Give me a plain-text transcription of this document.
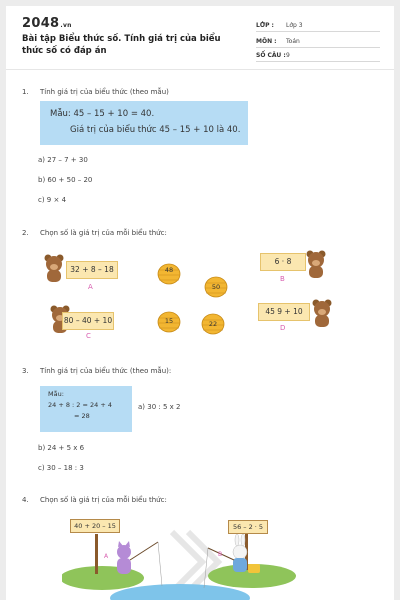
2048.vn
Bài tập Biểu thức số. Tính giá trị của biểu thức số có đáp án
LỚP : Lớp 3
MÔN : Toán
SỐ CÂU : 9
1. Tính giá trị của biểu thức (theo mẫu)
Mẫu: 45 – 15 + 10 = 40.
Giá trị của biểu thức 45 – 15 + 10 là 40.
a) 27 – 7 + 30
b) 60 + 50 – 20
c) 9 × 4
2. Chọn số là giá trị của mỗi biểu thức:
32 + 8 – 18
A
6 · 8
B
80 – 40 + 10
C
45 9 + 10
D
48
50
15	22
3. Tính giá trị của biểu thức (theo mẫu):
Mẫu:
24 + 8 : 2 = 24 + 4
= 28
a) 30 : 5 x 2
b) 24 + 5 x 6
c) 30 – 18 : 3
4. Chọn số là giá trị của mỗi biểu thức:
40 + 20 – 15	56 – 2 · 5
A	B
